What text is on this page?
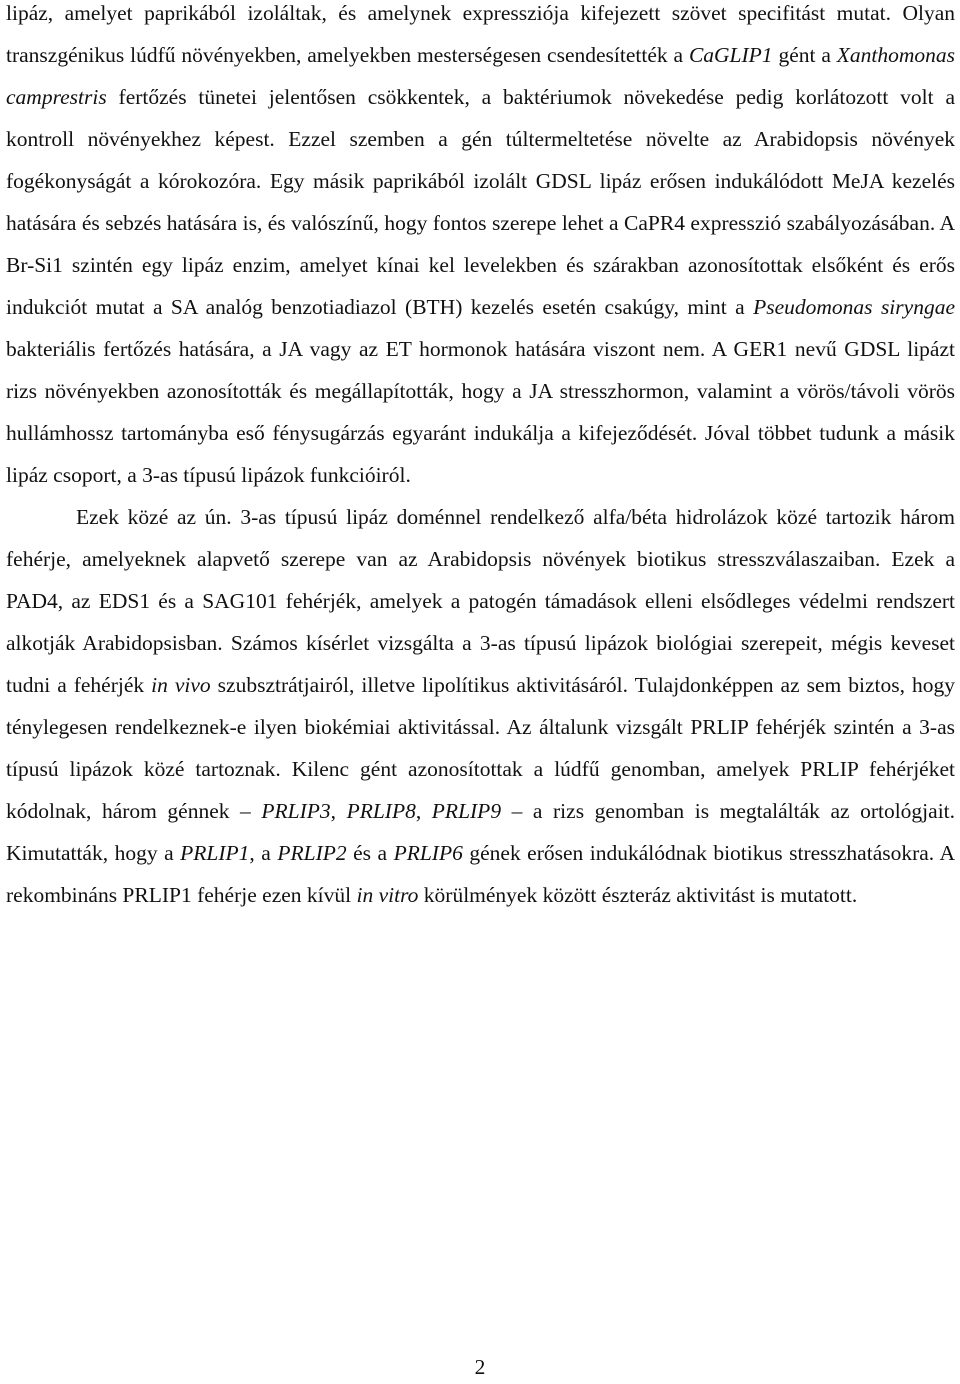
lipáz, amelyet paprikából izoláltak, és amelynek expressziója kifejezett szövet specifitást mutat. Olyan transzgénikus lúdfű növényekben, amelyekben mesterségesen csendesítették a CaGLIP1 gént a Xanthomonas camprestris fertőzés tünetei jelentősen csökkentek, a baktériumok növekedése pedig korlátozott volt a kontroll növényekhez képest. Ezzel szemben a gén túltermeltetése növelte az Arabidopsis növények fogékonyságát a kórokozóra. Egy másik paprikából izolált GDSL lipáz erősen indukálódott MeJA kezelés hatására és sebzés hatására is, és valószínű, hogy fontos szerepe lehet a CaPR4 expresszió szabályozásában. A Br-Si1 szintén egy lipáz enzim, amelyet kínai kel levelekben és szárakban azonosítottak elsőként és erős indukciót mutat a SA analóg benzotiadiazol (BTH) kezelés esetén csakúgy, mint a Pseudomonas siryngae bakteriális fertőzés hatására, a JA vagy az ET hormonok hatására viszont nem. A GER1 nevű GDSL lipázt rizs növényekben azonosították és megállapították, hogy a JA stresszhormon, valamint a vörös/távoli vörös hullámhossz tartományba eső fénysugárzás egyaránt indukálja a kifejeződését. Jóval többet tudunk a másik lipáz csoport, a 3-as típusú lipázok funkcióiról.

Ezek közé az ún. 3-as típusú lipáz doménnel rendelkező alfa/béta hidrolázok közé tartozik három fehérje, amelyeknek alapvető szerepe van az Arabidopsis növények biotikus stresszválaszaiban. Ezek a PAD4, az EDS1 és a SAG101 fehérjék, amelyek a patogén támadások elleni elsődleges védelmi rendszert alkotják Arabidopsisban. Számos kísérlet vizsgálta a 3-as típusú lipázok biológiai szerepeit, mégis keveset tudni a fehérjék in vivo szubsztrátjairól, illetve lipolítikus aktivitásáról. Tulajdonképpen az sem biztos, hogy ténylegesen rendelkeznek-e ilyen biokémiai aktivitással. Az általunk vizsgált PRLIP fehérjék szintén a 3-as típusú lipázok közé tartoznak. Kilenc gént azonosítottak a lúdfű genomban, amelyek PRLIP fehérjéket kódolnak, három génnek – PRLIP3, PRLIP8, PRLIP9 – a rizs genomban is megtalálták az ortológjait. Kimutatták, hogy a PRLIP1, a PRLIP2 és a PRLIP6 gének erősen indukálódnak biotikus stresszhatásokra. A rekombináns PRLIP1 fehérje ezen kívül in vitro körülmények között észteráz aktivitást is mutatott.

2
